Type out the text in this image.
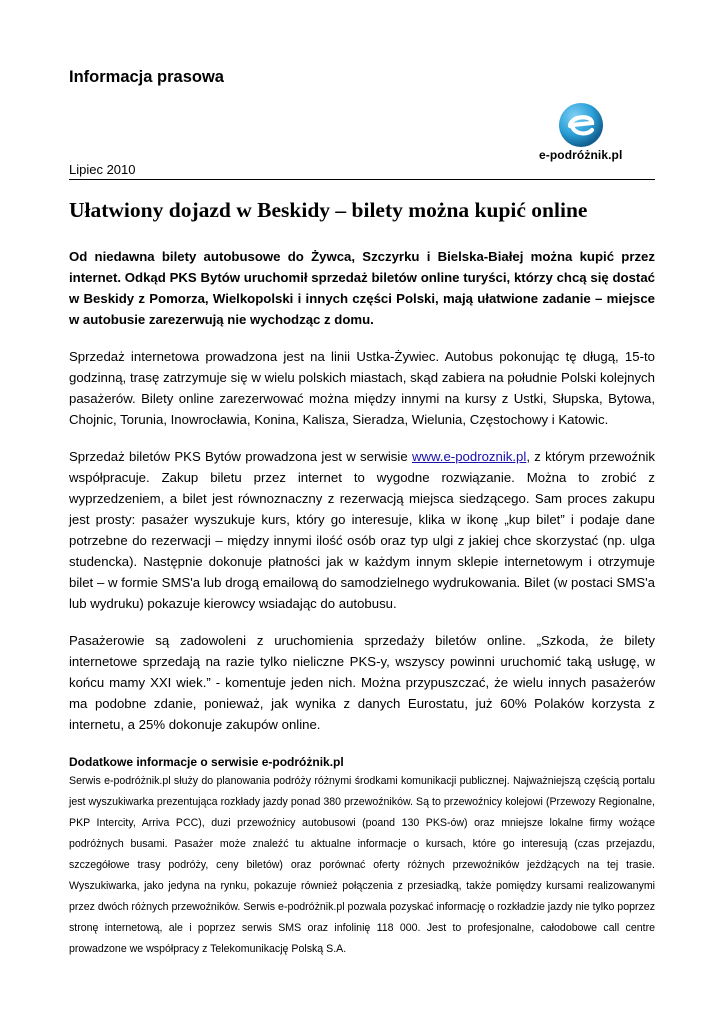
Informacja prasowa
e-podróżnik.pl
Lipiec 2010
Ułatwiony dojazd w Beskidy – bilety można kupić online

Od niedawna bilety autobusowe do Żywca, Szczyrku i Bielska-Białej można kupić przez internet. Odkąd PKS Bytów uruchomił sprzedaż biletów online turyści, którzy chcą się dostać w Beskidy z Pomorza, Wielkopolski i innych części Polski, mają ułatwione zadanie – miejsce w autobusie zarezerwują nie wychodząc z domu.

Sprzedaż internetowa prowadzona jest na linii Ustka-Żywiec. Autobus pokonując tę długą, 15-to godzinną, trasę zatrzymuje się w wielu polskich miastach, skąd zabiera na południe Polski kolejnych pasażerów. Bilety online zarezerwować można między innymi na kursy z Ustki, Słupska, Bytowa, Chojnic, Torunia, Inowrocławia, Konina, Kalisza, Sieradza, Wielunia, Częstochowy i Katowic.

Sprzedaż biletów PKS Bytów prowadzona jest w serwisie www.e-podroznik.pl, z którym przewoźnik współpracuje. Zakup biletu przez internet to wygodne rozwiązanie. Można to zrobić z wyprzedzeniem, a bilet jest równoznaczny z rezerwacją miejsca siedzącego. Sam proces zakupu jest prosty: pasażer wyszukuje kurs, który go interesuje, klika w ikonę „kup bilet” i podaje dane potrzebne do rezerwacji – między innymi ilość osób oraz typ ulgi z jakiej chce skorzystać (np. ulga studencka). Następnie dokonuje płatności jak w każdym innym sklepie internetowym i otrzymuje bilet – w formie SMS'a lub drogą emailową do samodzielnego wydrukowania. Bilet (w postaci SMS'a lub wydruku) pokazuje kierowcy wsiadając do autobusu.

Pasażerowie są zadowoleni z uruchomienia sprzedaży biletów online. „Szkoda, że bilety internetowe sprzedają na razie tylko nieliczne PKS-y, wszyscy powinni uruchomić taką usługę, w końcu mamy XXI wiek.” - komentuje jeden nich. Można przypuszczać, że wielu innych pasażerów ma podobne zdanie, ponieważ, jak wynika z danych Eurostatu, już 60% Polaków korzysta z internetu, a 25% dokonuje zakupów online.

Dodatkowe informacje o serwisie e-podróżnik.pl

Serwis e-podróżnik.pl służy do planowania podróży różnymi środkami komunikacji publicznej. Najważniejszą częścią portalu jest wyszukiwarka prezentująca rozkłady jazdy ponad 380 przewoźników. Są to przewoźnicy kolejowi (Przewozy Regionalne, PKP Intercity, Arriva PCC), duzi przewoźnicy autobusowi (poand 130 PKS-ów) oraz mniejsze lokalne firmy wożące podróżnych busami. Pasażer może znaleźć tu aktualne informacje o kursach, które go interesują (czas przejazdu, szczegółowe trasy podróży, ceny biletów) oraz porównać oferty różnych przewoźników jeżdżących na tej trasie. Wyszukiwarka, jako jedyna na rynku, pokazuje również połączenia z przesiadką, także pomiędzy kursami realizowanymi przez dwóch różnych przewoźników. Serwis e-podróżnik.pl pozwala pozyskać informację o rozkładzie jazdy nie tylko poprzez stronę internetową, ale i poprzez serwis SMS oraz infolinię 118 000. Jest to profesjonalne, całodobowe call centre prowadzone we współpracy z Telekomunikację Polską S.A.
